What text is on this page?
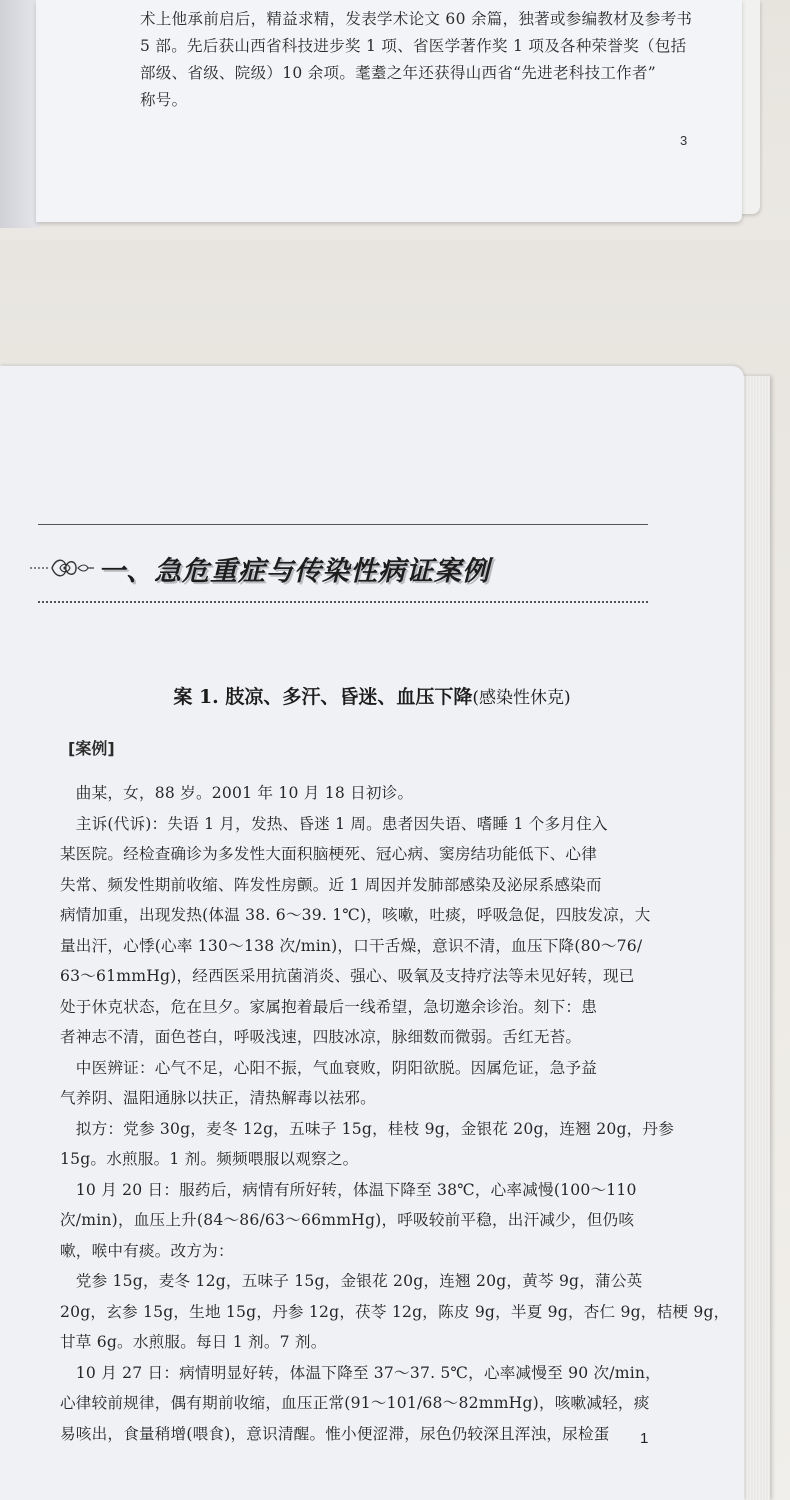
术上他承前启后，精益求精，发表学术论文 60 余篇，独著或参编教材及参考书
5 部。先后获山西省科技进步奖 1 项、省医学著作奖 1 项及各种荣誉奖（包括
部级、省级、院级）10 余项。耄耋之年还获得山西省“先进老科技工作者”
称号。
3
一、急危重症与传染性病证案例
案 1. 肢凉、多汗、昏迷、血压下降(感染性休克)
[案例]
　曲某，女，88 岁。2001 年 10 月 18 日初诊。
　主诉(代诉)：失语 1 月，发热、昏迷 1 周。患者因失语、嗜睡 1 个多月住入
某医院。经检查确诊为多发性大面积脑梗死、冠心病、窦房结功能低下、心律
失常、频发性期前收缩、阵发性房颤。近 1 周因并发肺部感染及泌尿系感染而
病情加重，出现发热(体温 38. 6～39. 1℃)，咳嗽，吐痰，呼吸急促，四肢发凉，大
量出汗，心悸(心率 130～138 次/min)，口干舌燥，意识不清，血压下降(80～76/
63～61mmHg)，经西医采用抗菌消炎、强心、吸氧及支持疗法等未见好转，现已
处于休克状态，危在旦夕。家属抱着最后一线希望，急切邀余诊治。刻下：患
者神志不清，面色苍白，呼吸浅速，四肢冰凉，脉细数而微弱。舌红无苔。
　中医辨证：心气不足，心阳不振，气血衰败，阴阳欲脱。因属危证，急予益
气养阴、温阳通脉以扶正，清热解毒以祛邪。
　拟方：党参 30g，麦冬 12g，五味子 15g，桂枝 9g，金银花 20g，连翘 20g，丹参
15g。水煎服。1 剂。频频喂服以观察之。
　10 月 20 日：服药后，病情有所好转，体温下降至 38℃，心率减慢(100～110
次/min)，血压上升(84～86/63～66mmHg)，呼吸较前平稳，出汗减少，但仍咳
嗽，喉中有痰。改方为：
　党参 15g，麦冬 12g，五味子 15g，金银花 20g，连翘 20g，黄芩 9g，蒲公英
20g，玄参 15g，生地 15g，丹参 12g，茯苓 12g，陈皮 9g，半夏 9g，杏仁 9g，桔梗 9g，
甘草 6g。水煎服。每日 1 剂。7 剂。
　10 月 27 日：病情明显好转，体温下降至 37～37. 5℃，心率减慢至 90 次/min，
心律较前规律，偶有期前收缩，血压正常(91～101/68～82mmHg)，咳嗽减轻，痰
易咳出，食量稍增(喂食)，意识清醒。惟小便涩滞，尿色仍较深且浑浊，尿检蛋	1
